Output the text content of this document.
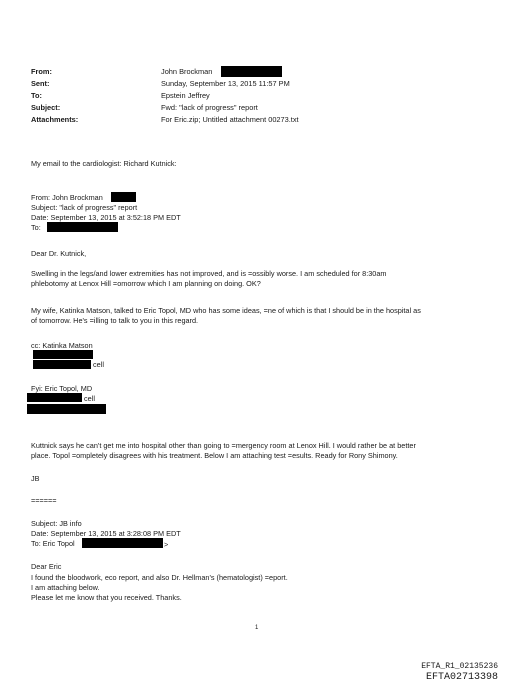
From:	John Brockman
Sent:	Sunday, September 13, 2015 11:57 PM
To:	Epstein Jeffrey
Subject:	Fwd: "lack of progress" report
Attachments:	For Eric.zip; Untitled attachment 00273.txt
My email to the cardiologist: Richard Kutnick:
From: John Brockman
Subject: "lack of progress" report
Date: September 13, 2015 at 3:52:18 PM EDT
To:
Dear Dr. Kutnick,
Swelling in the legs/and lower extremities has not improved, and is =ossibly worse. I am scheduled for 8:30am
phlebotomy at Lenox Hill =omorrow which I am planning on doing. OK?
My wife, Katinka Matson, talked to Eric Topol, MD who has some ideas, =ne of which is that I should be in the hospital as
of tomorrow. He's =illing to talk to you in this regard.
cc: Katinka Matson
cell
Fyi: Eric Topol, MD
cell
Kuttnick says he can't get me into hospital other than going to =mergency room at Lenox Hill. I would rather be at better
place. Topol =ompletely disagrees with his treatment. Below I am attaching test =esults. Ready for Rony Shimony.
JB
======
Subject: JB info
Date: September 13, 2015 at 3:28:08 PM EDT
To: Eric Topol	>
Dear Eric
I found the bloodwork, eco report, and also Dr. Hellman's (hematologist) =eport.
I am attaching below.
Please let me know that you received. Thanks.
1
EFTA_R1_02135236
EFTA02713398
